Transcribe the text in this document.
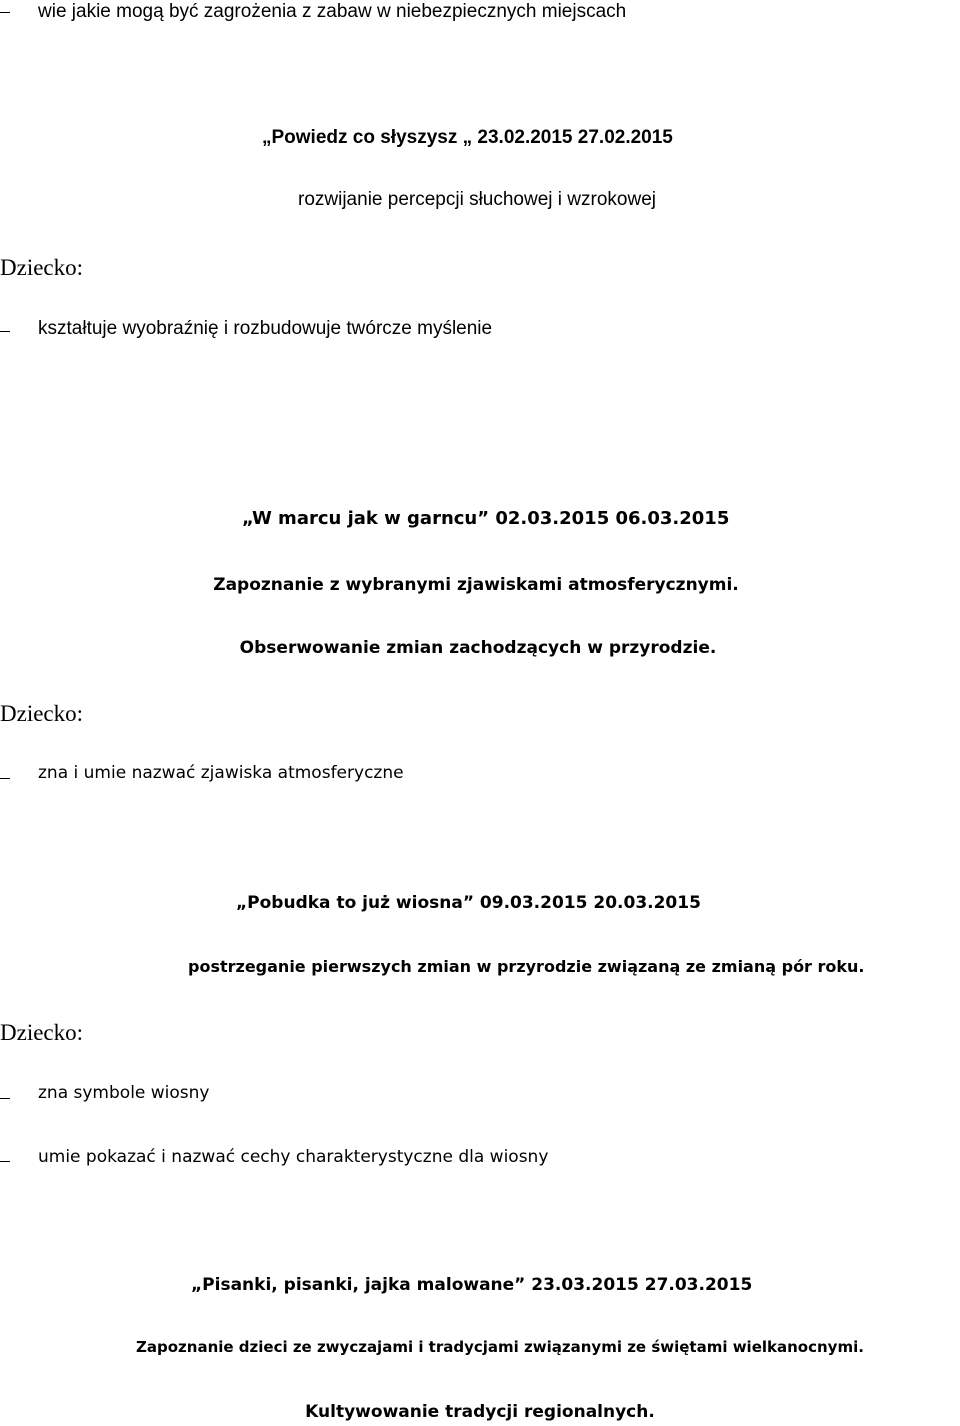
wie jakie mogą być zagrożenia z zabaw w niebezpiecznych miejscach
„Powiedz co słyszysz „ 23.02.2015 27.02.2015
rozwijanie percepcji słuchowej i wzrokowej
Dziecko:
kształtuje wyobraźnię i rozbudowuje twórcze myślenie
„W marcu jak w garncu” 02.03.2015 06.03.2015
Zapoznanie z wybranymi zjawiskami atmosferycznymi.
Obserwowanie zmian zachodzących w przyrodzie.
Dziecko:
zna i umie nazwać zjawiska atmosferyczne
„Pobudka to już wiosna” 09.03.2015 20.03.2015
postrzeganie pierwszych zmian w przyrodzie związaną ze zmianą pór roku.
Dziecko:
zna symbole wiosny
umie pokazać i nazwać cechy charakterystyczne dla wiosny
„Pisanki, pisanki, jajka malowane” 23.03.2015 27.03.2015
Zapoznanie dzieci ze zwyczajami i tradycjami związanymi ze świętami wielkanocnymi.
Kultywowanie tradycji regionalnych.
